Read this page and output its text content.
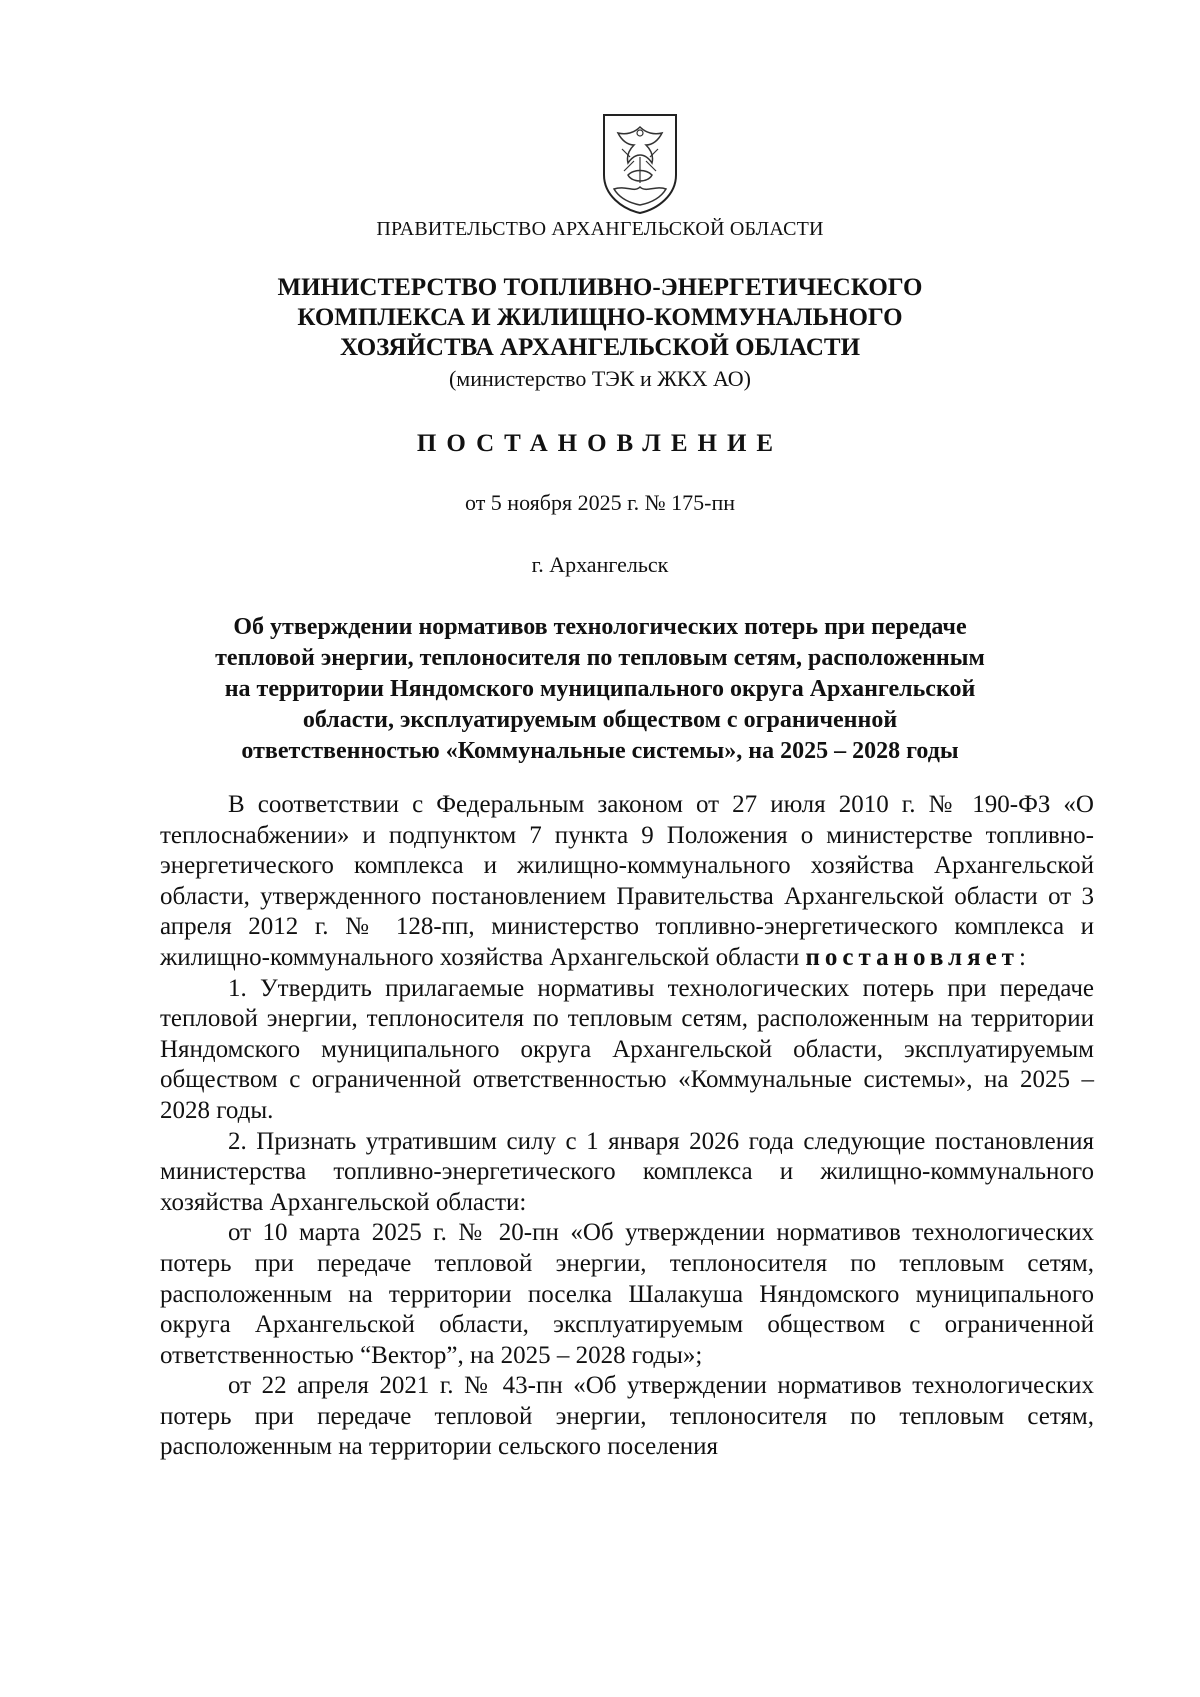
ПРАВИТЕЛЬСТВО АРХАНГЕЛЬСКОЙ ОБЛАСТИ
МИНИСТЕРСТВО ТОПЛИВНО-ЭНЕРГЕТИЧЕСКОГО
КОМПЛЕКСА И ЖИЛИЩНО-КОММУНАЛЬНОГО
ХОЗЯЙСТВА АРХАНГЕЛЬСКОЙ ОБЛАСТИ
(министерство ТЭК и ЖКХ АО)
ПОСТАНОВЛЕНИЕ
от 5 ноября 2025 г. № 175-пн
г. Архангельск
Об утверждении нормативов технологических потерь при передаче
тепловой энергии, теплоносителя по тепловым сетям, расположенным
на территории Няндомского муниципального округа Архангельской
области, эксплуатируемым обществом с ограниченной
ответственностью «Коммунальные системы», на 2025 – 2028 годы

В соответствии с Федеральным законом от 27 июля 2010 г. № 190-ФЗ «О теплоснабжении» и подпунктом 7 пункта 9 Положения о министерстве топливно-энергетического комплекса и жилищно-коммунального хозяйства Архангельской области, утвержденного постановлением Правительства Архангельской области от 3 апреля 2012 г. № 128-пп, министерство топливно-энергетического комплекса и жилищно-коммунального хозяйства Архангельской области постановляет:

1. Утвердить прилагаемые нормативы технологических потерь при передаче тепловой энергии, теплоносителя по тепловым сетям, расположенным на территории Няндомского муниципального округа Архангельской области, эксплуатируемым обществом с ограниченной ответственностью «Коммунальные системы», на 2025 – 2028 годы.

2. Признать утратившим силу с 1 января 2026 года следующие постановления министерства топливно-энергетического комплекса и жилищно-коммунального хозяйства Архангельской области:

от 10 марта 2025 г. № 20-пн «Об утверждении нормативов технологических потерь при передаче тепловой энергии, теплоносителя по тепловым сетям, расположенным на территории поселка Шалакуша Няндомского муниципального округа Архангельской области, эксплуатируемым обществом с ограниченной ответственностью “Вектор”, на 2025 – 2028 годы»;

от 22 апреля 2021 г. № 43-пн «Об утверждении нормативов технологических потерь при передаче тепловой энергии, теплоносителя по тепловым сетям, расположенным на территории сельского поселения
